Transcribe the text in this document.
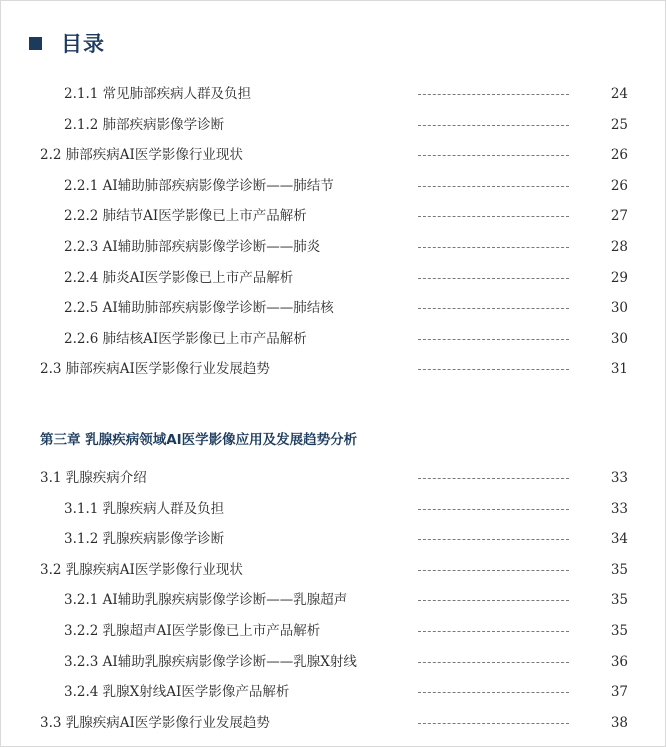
目录
2.1.1 常见肺部疾病人群及负担	24
2.1.2 肺部疾病影像学诊断	25
2.2 肺部疾病AI医学影像行业现状	26
2.2.1 AI辅助肺部疾病影像学诊断——肺结节	26
2.2.2 肺结节AI医学影像已上市产品解析	27
2.2.3 AI辅助肺部疾病影像学诊断——肺炎	28
2.2.4 肺炎AI医学影像已上市产品解析	29
2.2.5 AI辅助肺部疾病影像学诊断——肺结核	30
2.2.6 肺结核AI医学影像已上市产品解析	30
2.3 肺部疾病AI医学影像行业发展趋势	31
第三章 乳腺疾病领域AI医学影像应用及发展趋势分析
3.1 乳腺疾病介绍	33
3.1.1 乳腺疾病人群及负担	33
3.1.2 乳腺疾病影像学诊断	34
3.2 乳腺疾病AI医学影像行业现状	35
3.2.1 AI辅助乳腺疾病影像学诊断——乳腺超声	35
3.2.2 乳腺超声AI医学影像已上市产品解析	35
3.2.3 AI辅助乳腺疾病影像学诊断——乳腺X射线	36
3.2.4 乳腺X射线AI医学影像产品解析	37
3.3 乳腺疾病AI医学影像行业发展趋势	38
